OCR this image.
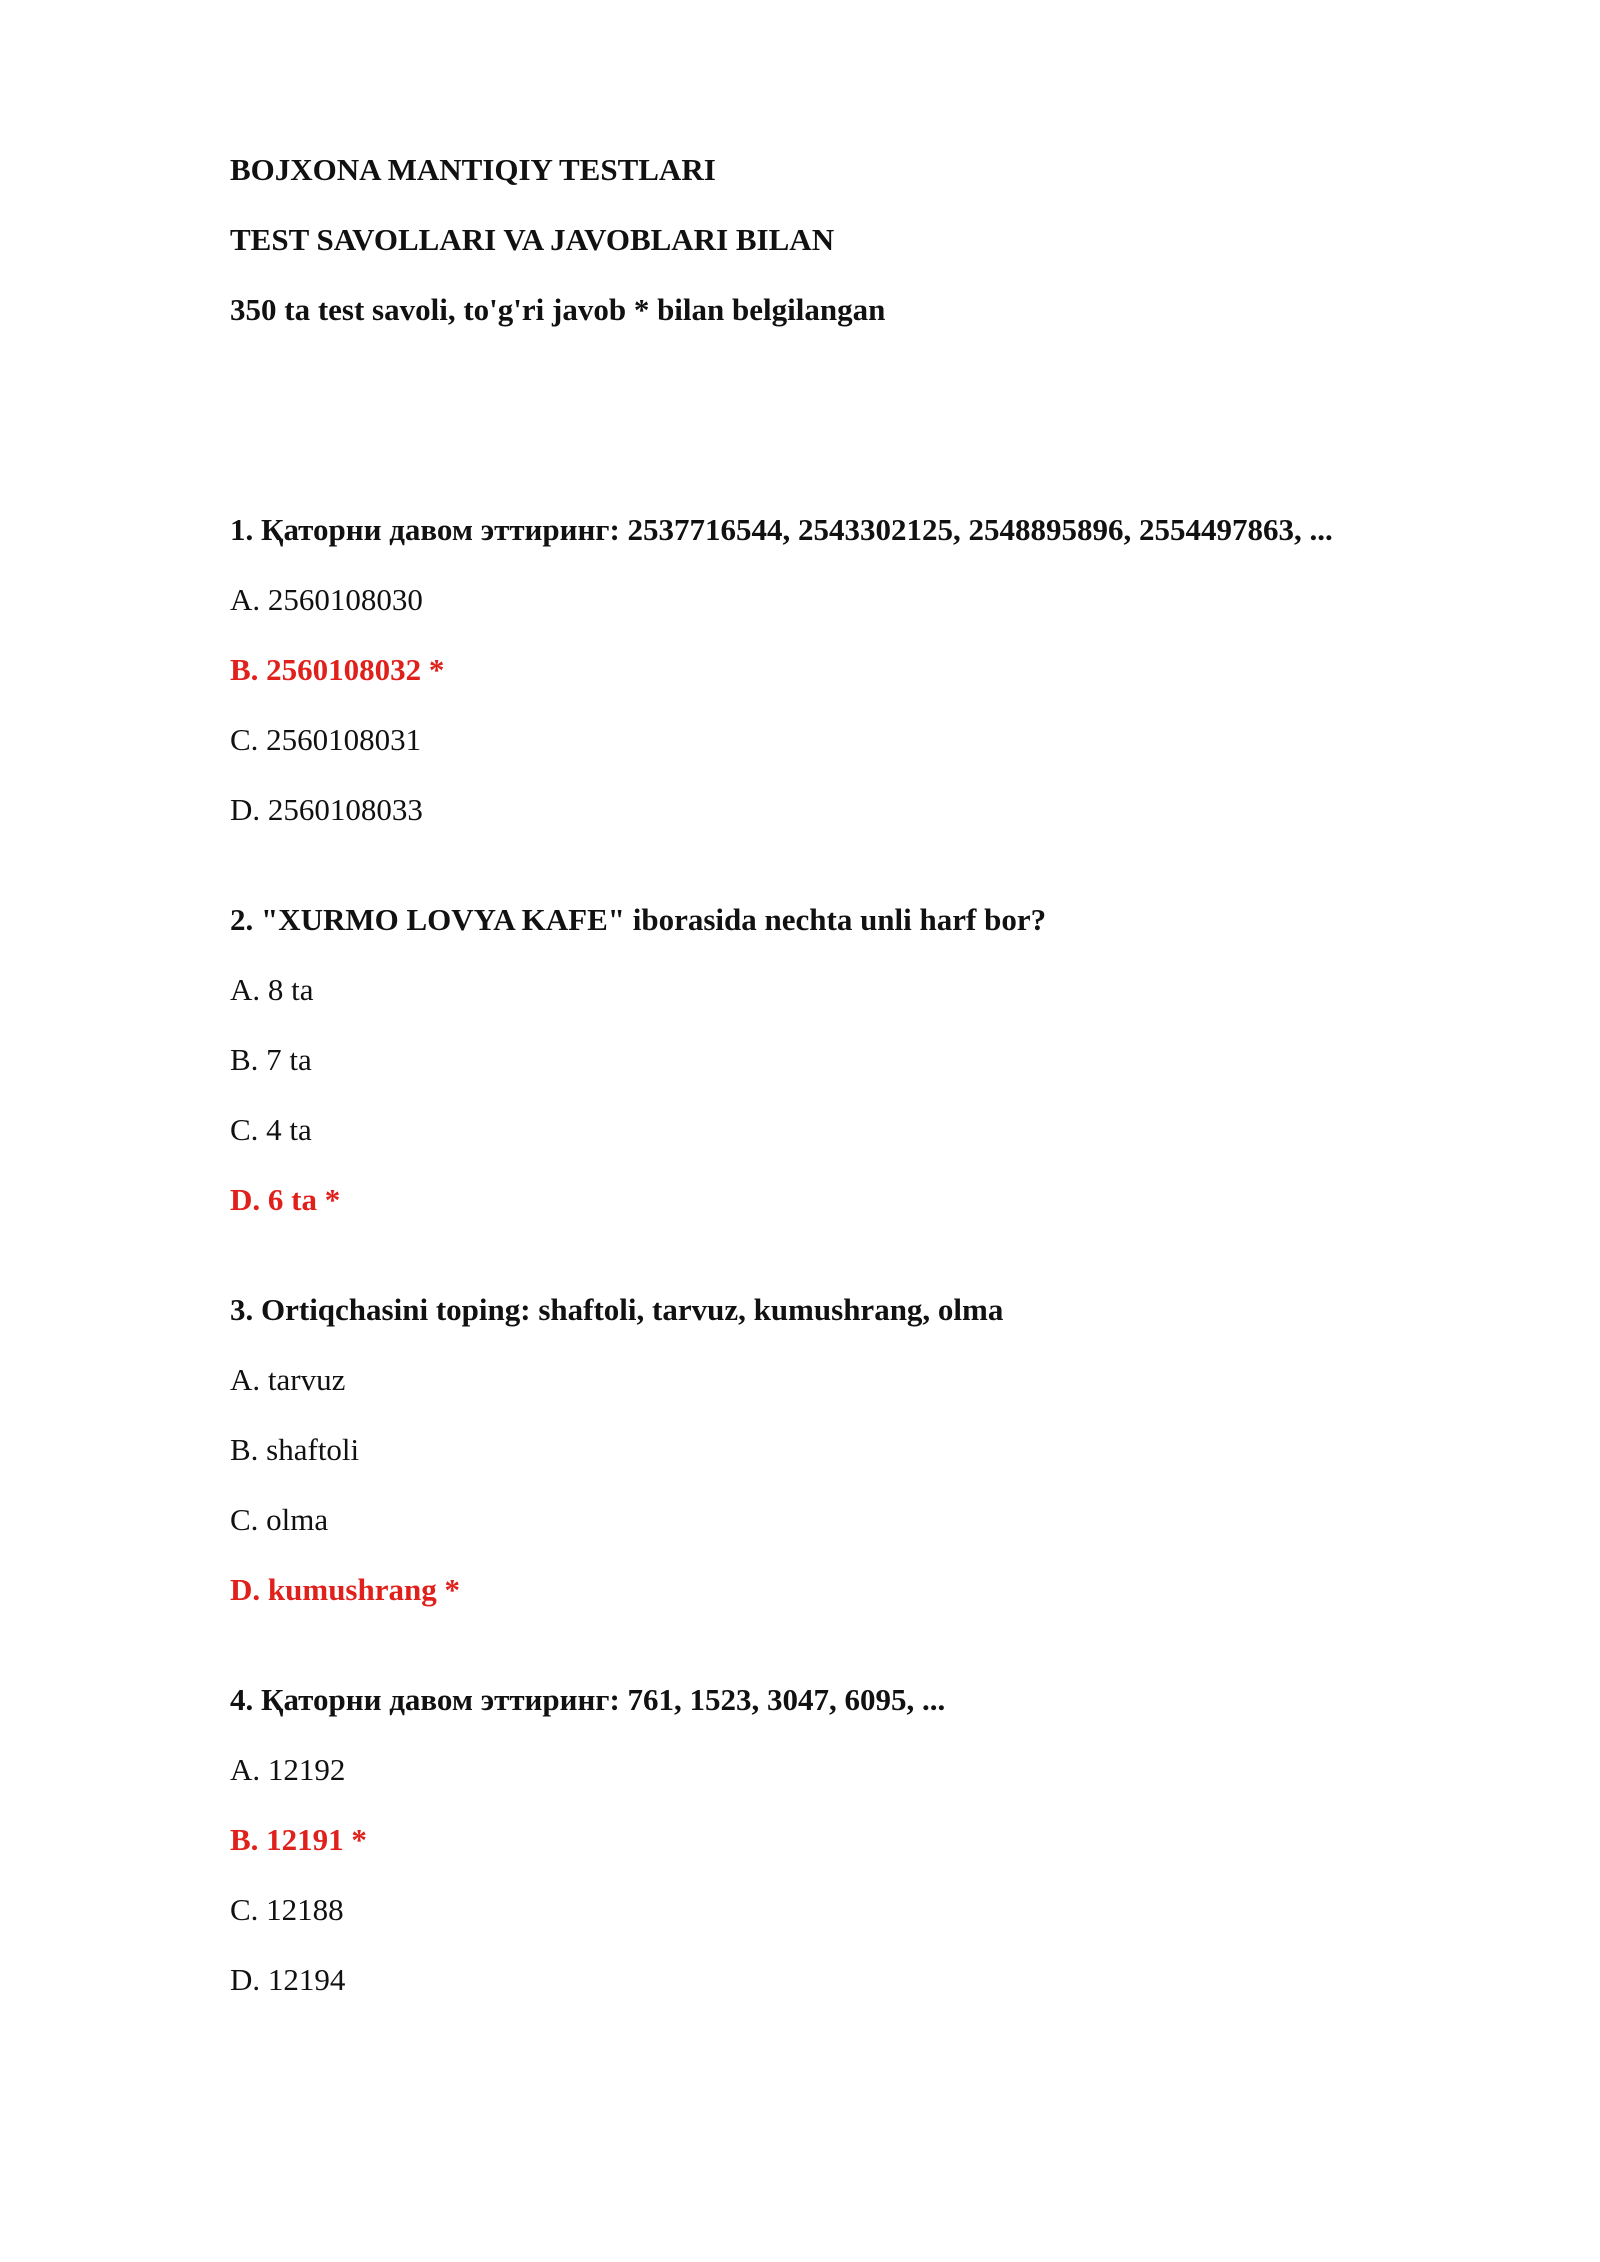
BOJXONA MANTIQIY TESTLARI
TEST SAVOLLARI VA JAVOBLARI BILAN
350 ta test savoli, to'g'ri javob * bilan belgilangan
1. Қаторни давом эттиринг: 2537716544, 2543302125, 2548895896, 2554497863, ...
A. 2560108030
B. 2560108032 *
C. 2560108031
D. 2560108033
2. "XURMO LOVYA KAFE" iborasida nechta unli harf bor?
A. 8 ta
B. 7 ta
C. 4 ta
D. 6 ta *
3. Ortiqchasini toping: shaftoli, tarvuz, kumushrang, olma
A. tarvuz
B. shaftoli
C. olma
D. kumushrang *
4. Қаторни давом эттиринг: 761, 1523, 3047, 6095, ...
A. 12192
B. 12191 *
C. 12188
D. 12194
